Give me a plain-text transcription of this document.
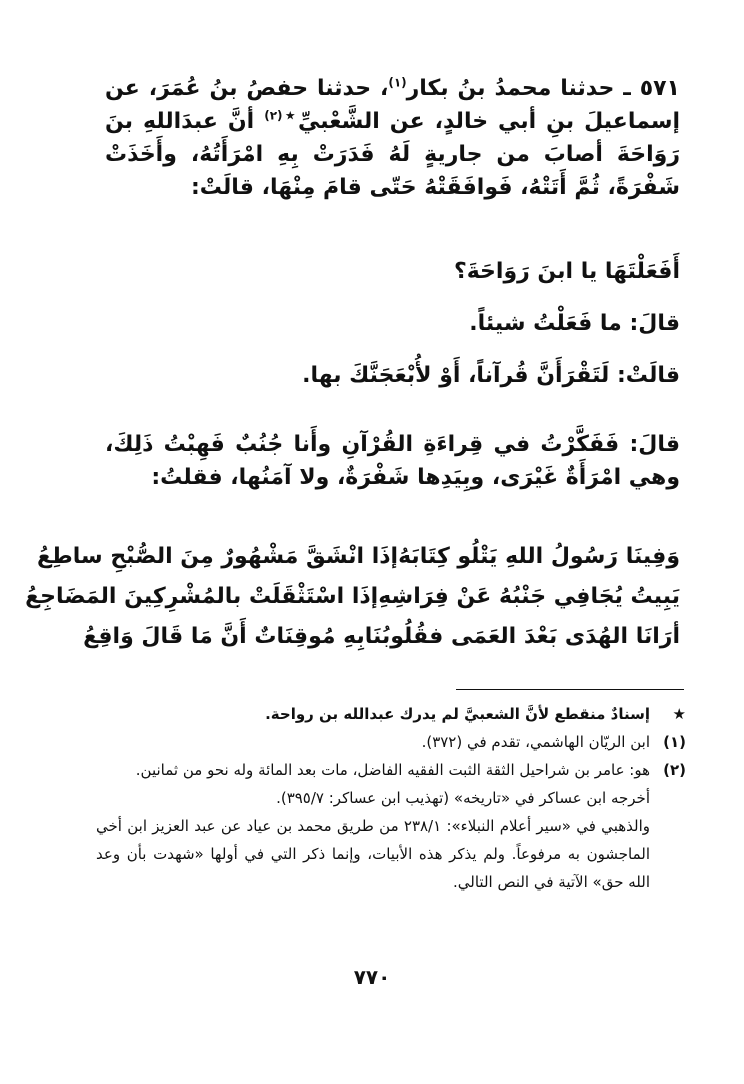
٥٧١ ـ حدثنا محمدُ بنُ بكار$^{(١)}$، حدثنا حفصُ بنُ عُمَرَ، عن إسماعيلَ بنِ أبي خالدٍ، عن الشَّعْبيِّ$^{★(٢)}$ أنَّ عبدَاللهِ بنَ رَوَاحَةَ أصابَ من جاريةٍ لَهُ فَدَرَتْ بِهِ امْرَأَتُهُ، وأَخَذَتْ شَفْرَةً، ثُمَّ أَتَتْهُ، فَوافَقَتْهُ حَتّى قامَ مِنْهَا، قالَتْ:

أَفَعَلْتَهَا يا ابنَ رَوَاحَةَ؟
قالَ: ما فَعَلْتُ شيئاً.
قالَتْ: لَتَقْرَأَنَّ قُرآناً، أَوْ لأُبْعَجَنَّكَ بها.
قالَ: فَفَكَّرْتُ في قِراءَةِ القُرْآنِ وأَنا جُنُبٌ فَهِبْتُ ذَلِكَ، وهي امْرَأَةٌ غَيْرَى، وبِيَدِها شَفْرَةٌ، ولا آمَنُها، فقلتُ:
وَفِينَا رَسُولُ اللهِ يَتْلُو كِتَابَهُ
إذَا انْشَقَّ مَشْهُورٌ مِنَ الصُّبْحِ ساطِعُ
يَبِيتُ يُجَافِي جَنْبُهُ عَنْ فِرَاشِهِ
إذَا اسْتَثْقَلَتْ بالمُشْرِكِينَ المَضَاجِعُ
أرَانَا الهُدَى بَعْدَ العَمَى فقُلُوبُنَا
بِهِ مُوقِنَاتٌ أَنَّ مَا قَالَ وَاقِعُ
★
إسنادٌ منقطع لأنَّ الشعبيَّ لم يدرك عبدالله بن رواحة.
(١)
ابن الريّان الهاشمي، تقدم في (٣٧٢).
(٢)
هو: عامر بن شراحيل الثقة الثبت الفقيه الفاضل، مات بعد المائة وله نحو من ثمانين.
أخرجه ابن عساكر في «تاريخه» (تهذيب ابن عساكر: ٣٩٥/٧).
والذهبي في «سير أعلام النبلاء»: ٢٣٨/١ من طريق محمد بن عياد عن عبد العزيز ابن أخي الماجشون به مرفوعاً. ولم يذكر هذه الأبيات، وإنما ذكر التي في أولها «شهدت بأن وعد الله حق» الآتية في النص التالي.
٧٧٠
